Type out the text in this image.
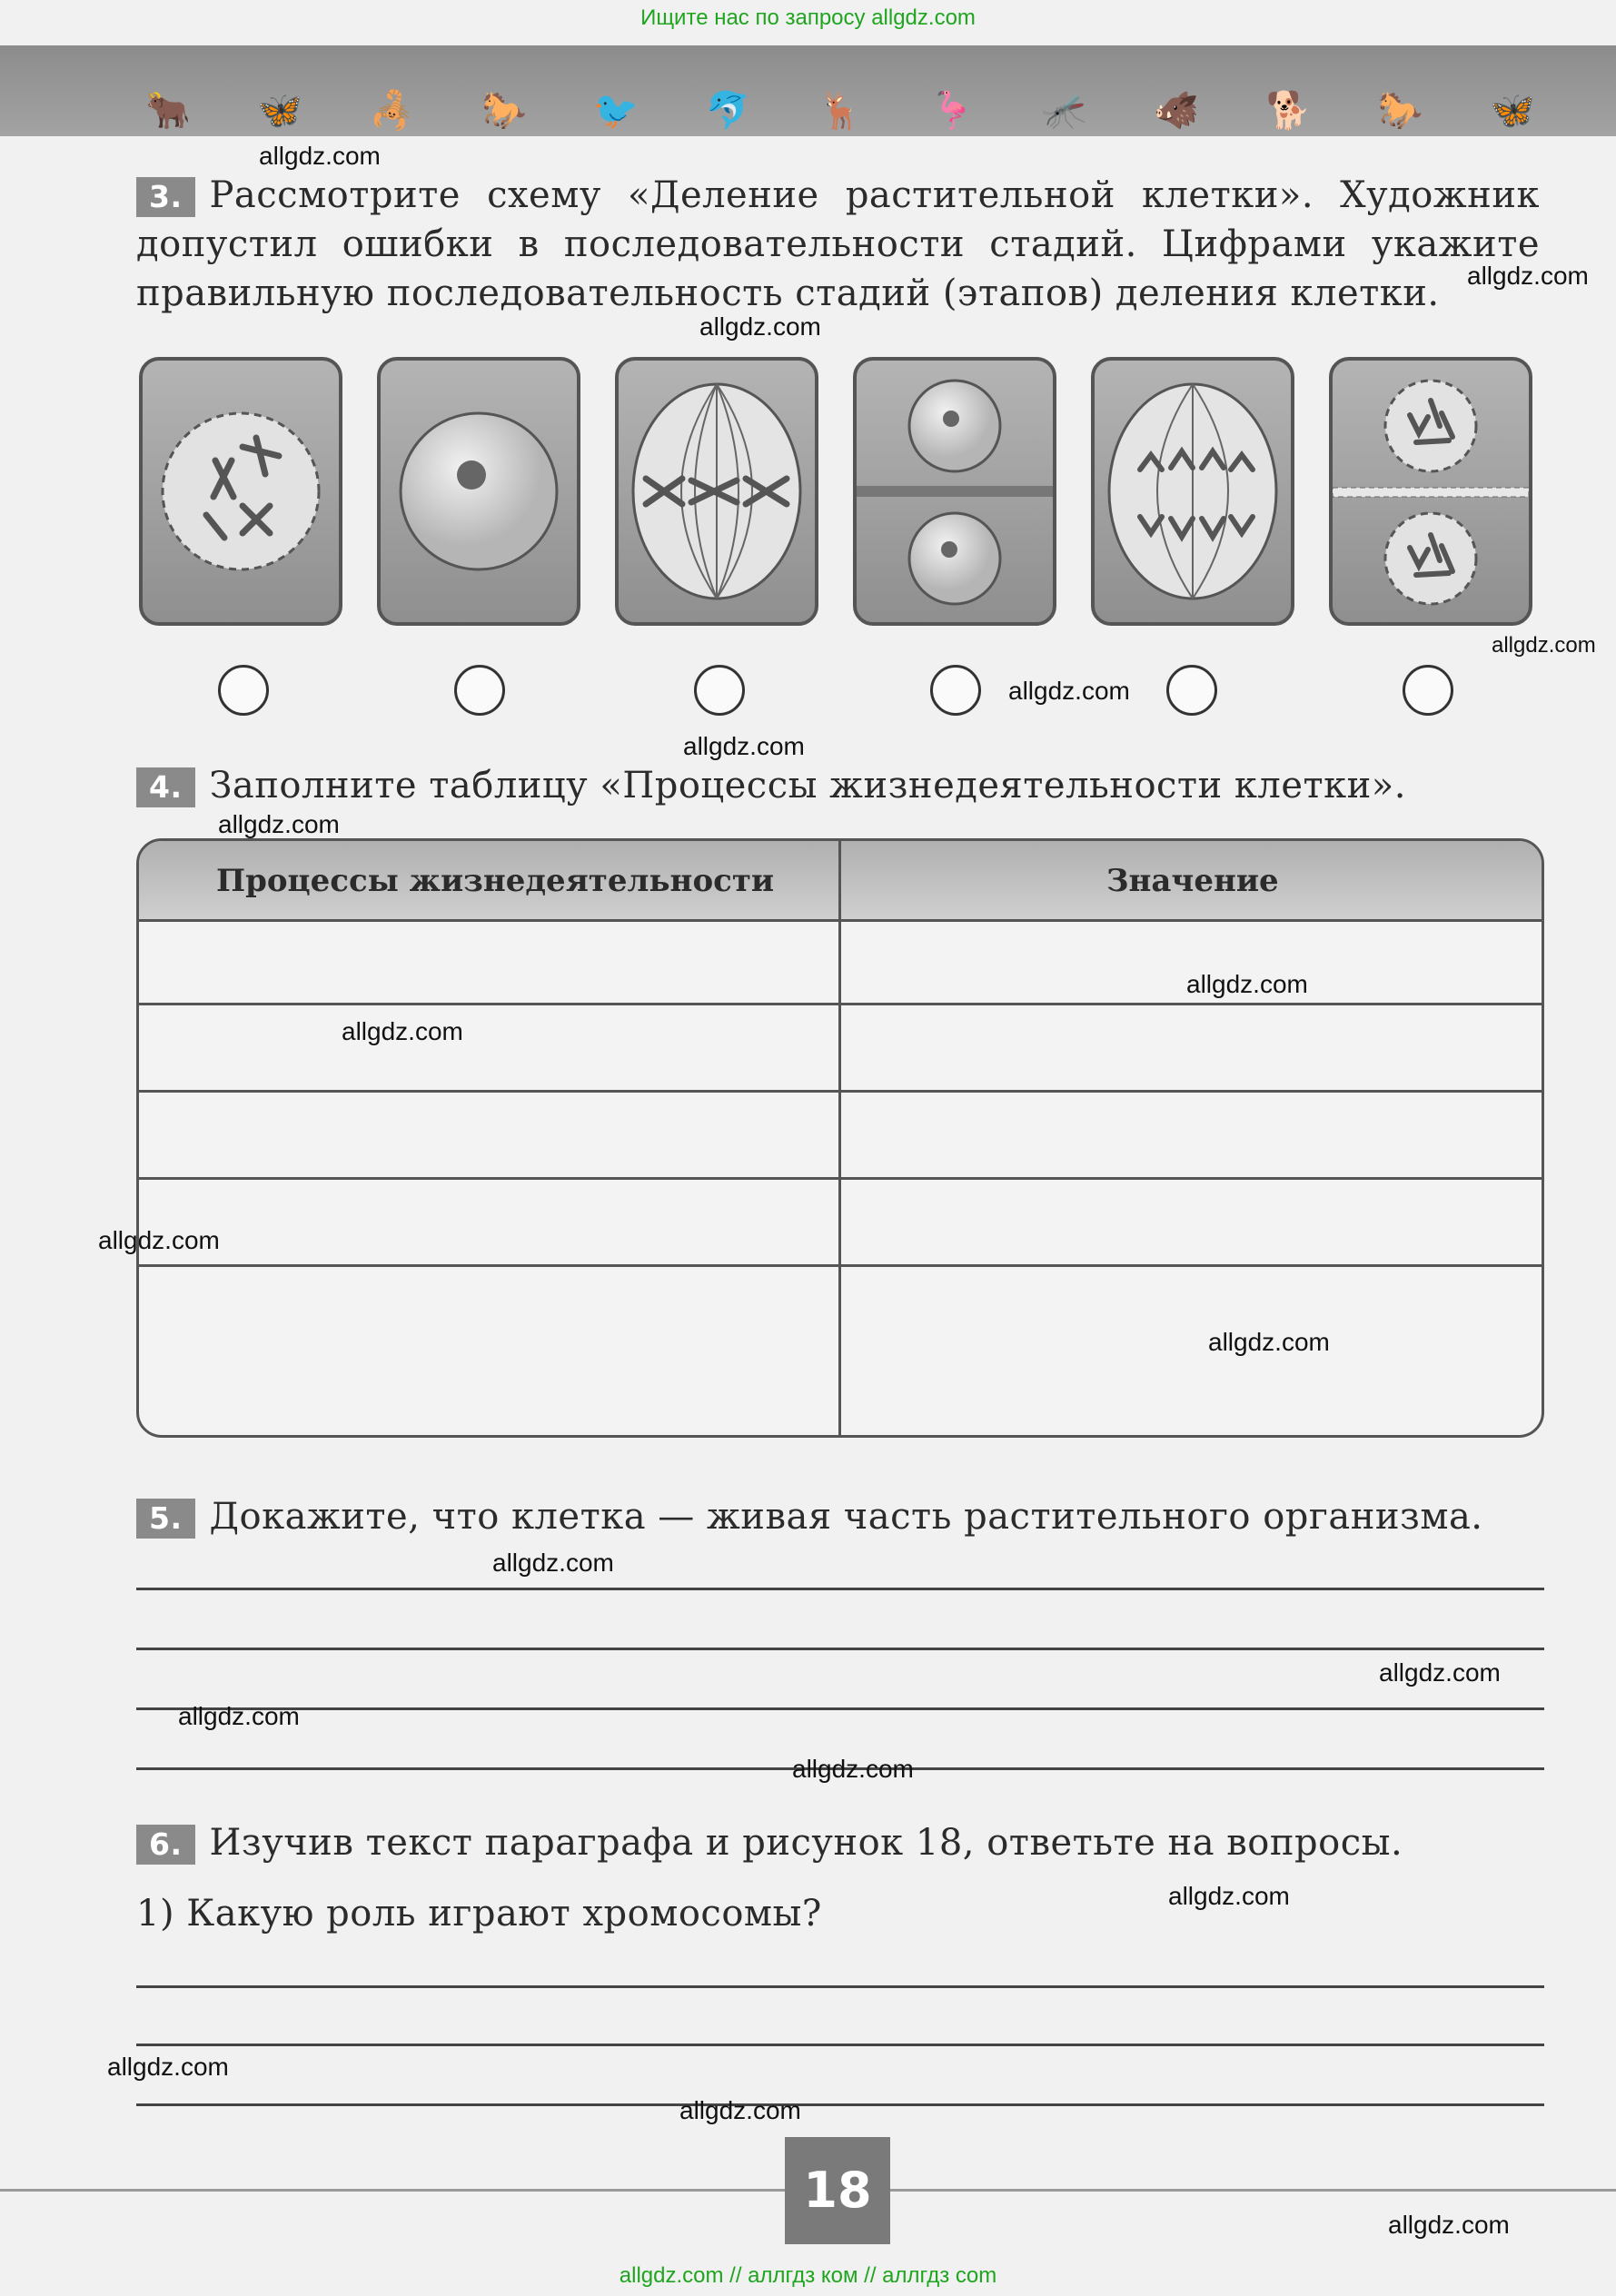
Ищите нас по запросу allgdz.com
🐂 🦋 🦂 🐎 🐦 🐬 🦌 🦩 🦟 🐗 🐕 🐎 🦋
3. Рассмотрите схему «Деление растительной клетки». Художник допустил ошибки в последовательности стадий. Цифрами укажите правильную последовательность стадий (этапов) деления клетки.
4. Заполните таблицу «Процессы жизнедеятельности клетки».
Процессы жизнедеятельности	Значение
5. Докажите, что клетка — живая часть растительного организма.
6. Изучив текст параграфа и рисунок 18, ответьте на вопросы.
1) Какую роль играют хромосомы?
18
allgdz.com
allgdz.com
allgdz.com
allgdz.com
allgdz.com
allgdz.com
allgdz.com
allgdz.com
allgdz.com
allgdz.com
allgdz.com
allgdz.com
allgdz.com
allgdz.com
allgdz.com
allgdz.com
allgdz.com
allgdz.com
allgdz.com
allgdz.com // аллгдз ком // аллгдз com
